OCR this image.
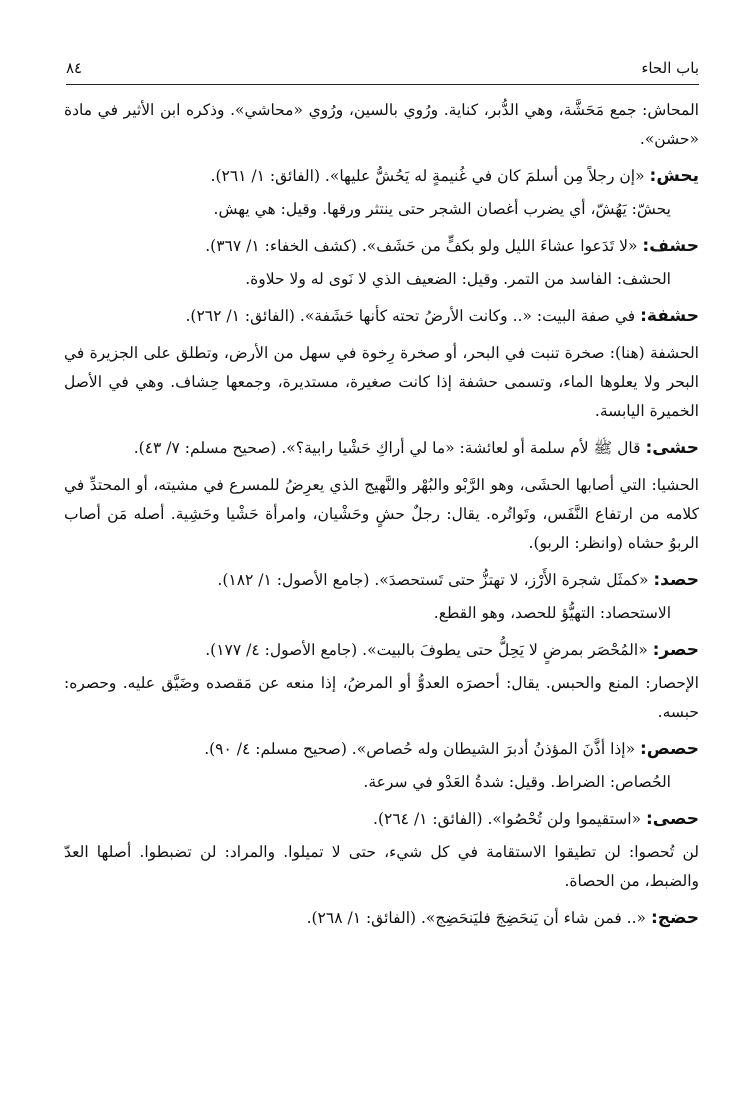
باب الحاء
٨٤

المحاش: جمع مَحَشَّة، وهي الدُّبر، كناية. ورُوي بالسين، ورُوي «محاشي». وذكره ابن الأثير في مادة «حشن».

يحش: «إن رجلاً مِن أسلمَ كان في غُنيمةٍ له يَحُشُّ عليها». (الفائق: ١/ ٢٦١).

يحشّ: يَهُشّ، أي يضرب أغصان الشجر حتى ينتثر ورقها. وقيل: هي يهش.

حشف: «لا تَدَعوا عشاءَ الليل ولو بكفٍّ من حَشَف». (كشف الخفاء: ١/ ٣٦٧).

الحشف: الفاسد من التمر. وقيل: الضعيف الذي لا نَوى له ولا حلاوة.

حشفة: في صفة البيت: «.. وكانت الأرضُ تحته كأنها حَشَفة». (الفائق: ١/ ٢٦٢).

الحشفة (هنا): صخرة تنبت في البحر، أو صخرة رِخوة في سهل من الأرض، وتطلق على الجزيرة في البحر ولا يعلوها الماء، وتسمى حشفة إذا كانت صغيرة، مستديرة، وجمعها حِشاف. وهي في الأصل الخميرة اليابسة.

حشى: قال ﷺ لأم سلمة أو لعائشة: «ما لي أراكِ حَشْيا رابية؟». (صحيح مسلم: ٧/ ٤٣).

الحشيا: التي أصابها الحشَى، وهو الرَّبْو والبُهْر والنَّهيج الذي يعرِضُ للمسرع في مشيته، أو المحتدِّ في كلامه من ارتفاع النَّفَس، وتَواتُره. يقال: رجلٌ حشٍ وحَشْيان، وامرأة حَشْيا وحَشِية. أصله مَن أصاب الربوُ حشاه (وانظر: الربو).

حصد: «كمثَل شجرة الأَرْز، لا تهتزُّ حتى تَستحصدَ». (جامع الأصول: ١/ ١٨٢).

الاستحصاد: التهيُّؤ للحصد، وهو القطع.

حصر: «المُحْصَر بمرضٍ لا يَحِلُّ حتى يطوفَ بالبيت». (جامع الأصول: ٤/ ١٧٧).

الإحصار: المنع والحبس. يقال: أحصرَه العدوُّ أو المرضُ، إذا منعه عن مَقصده وضَيَّق عليه. وحصره: حبسه.

حصص: «إذا أذَّنَ المؤذنُ أدبرَ الشيطان وله حُصاص». (صحيح مسلم: ٤/ ٩٠).

الحُصاص: الضراط. وقيل: شدةُ العَدْو في سرعة.

حصى: «استقيموا ولن تُحْصُوا». (الفائق: ١/ ٢٦٤).

لن تُحصوا: لن تطيقوا الاستقامة في كل شيء، حتى لا تميلوا. والمراد: لن تضبطوا. أصلها العدّ والضبط، من الحصاة.

حضج: «.. فمن شاء أن يَنحَضِجَ فليَنحَضِج». (الفائق: ١/ ٢٦٨).
